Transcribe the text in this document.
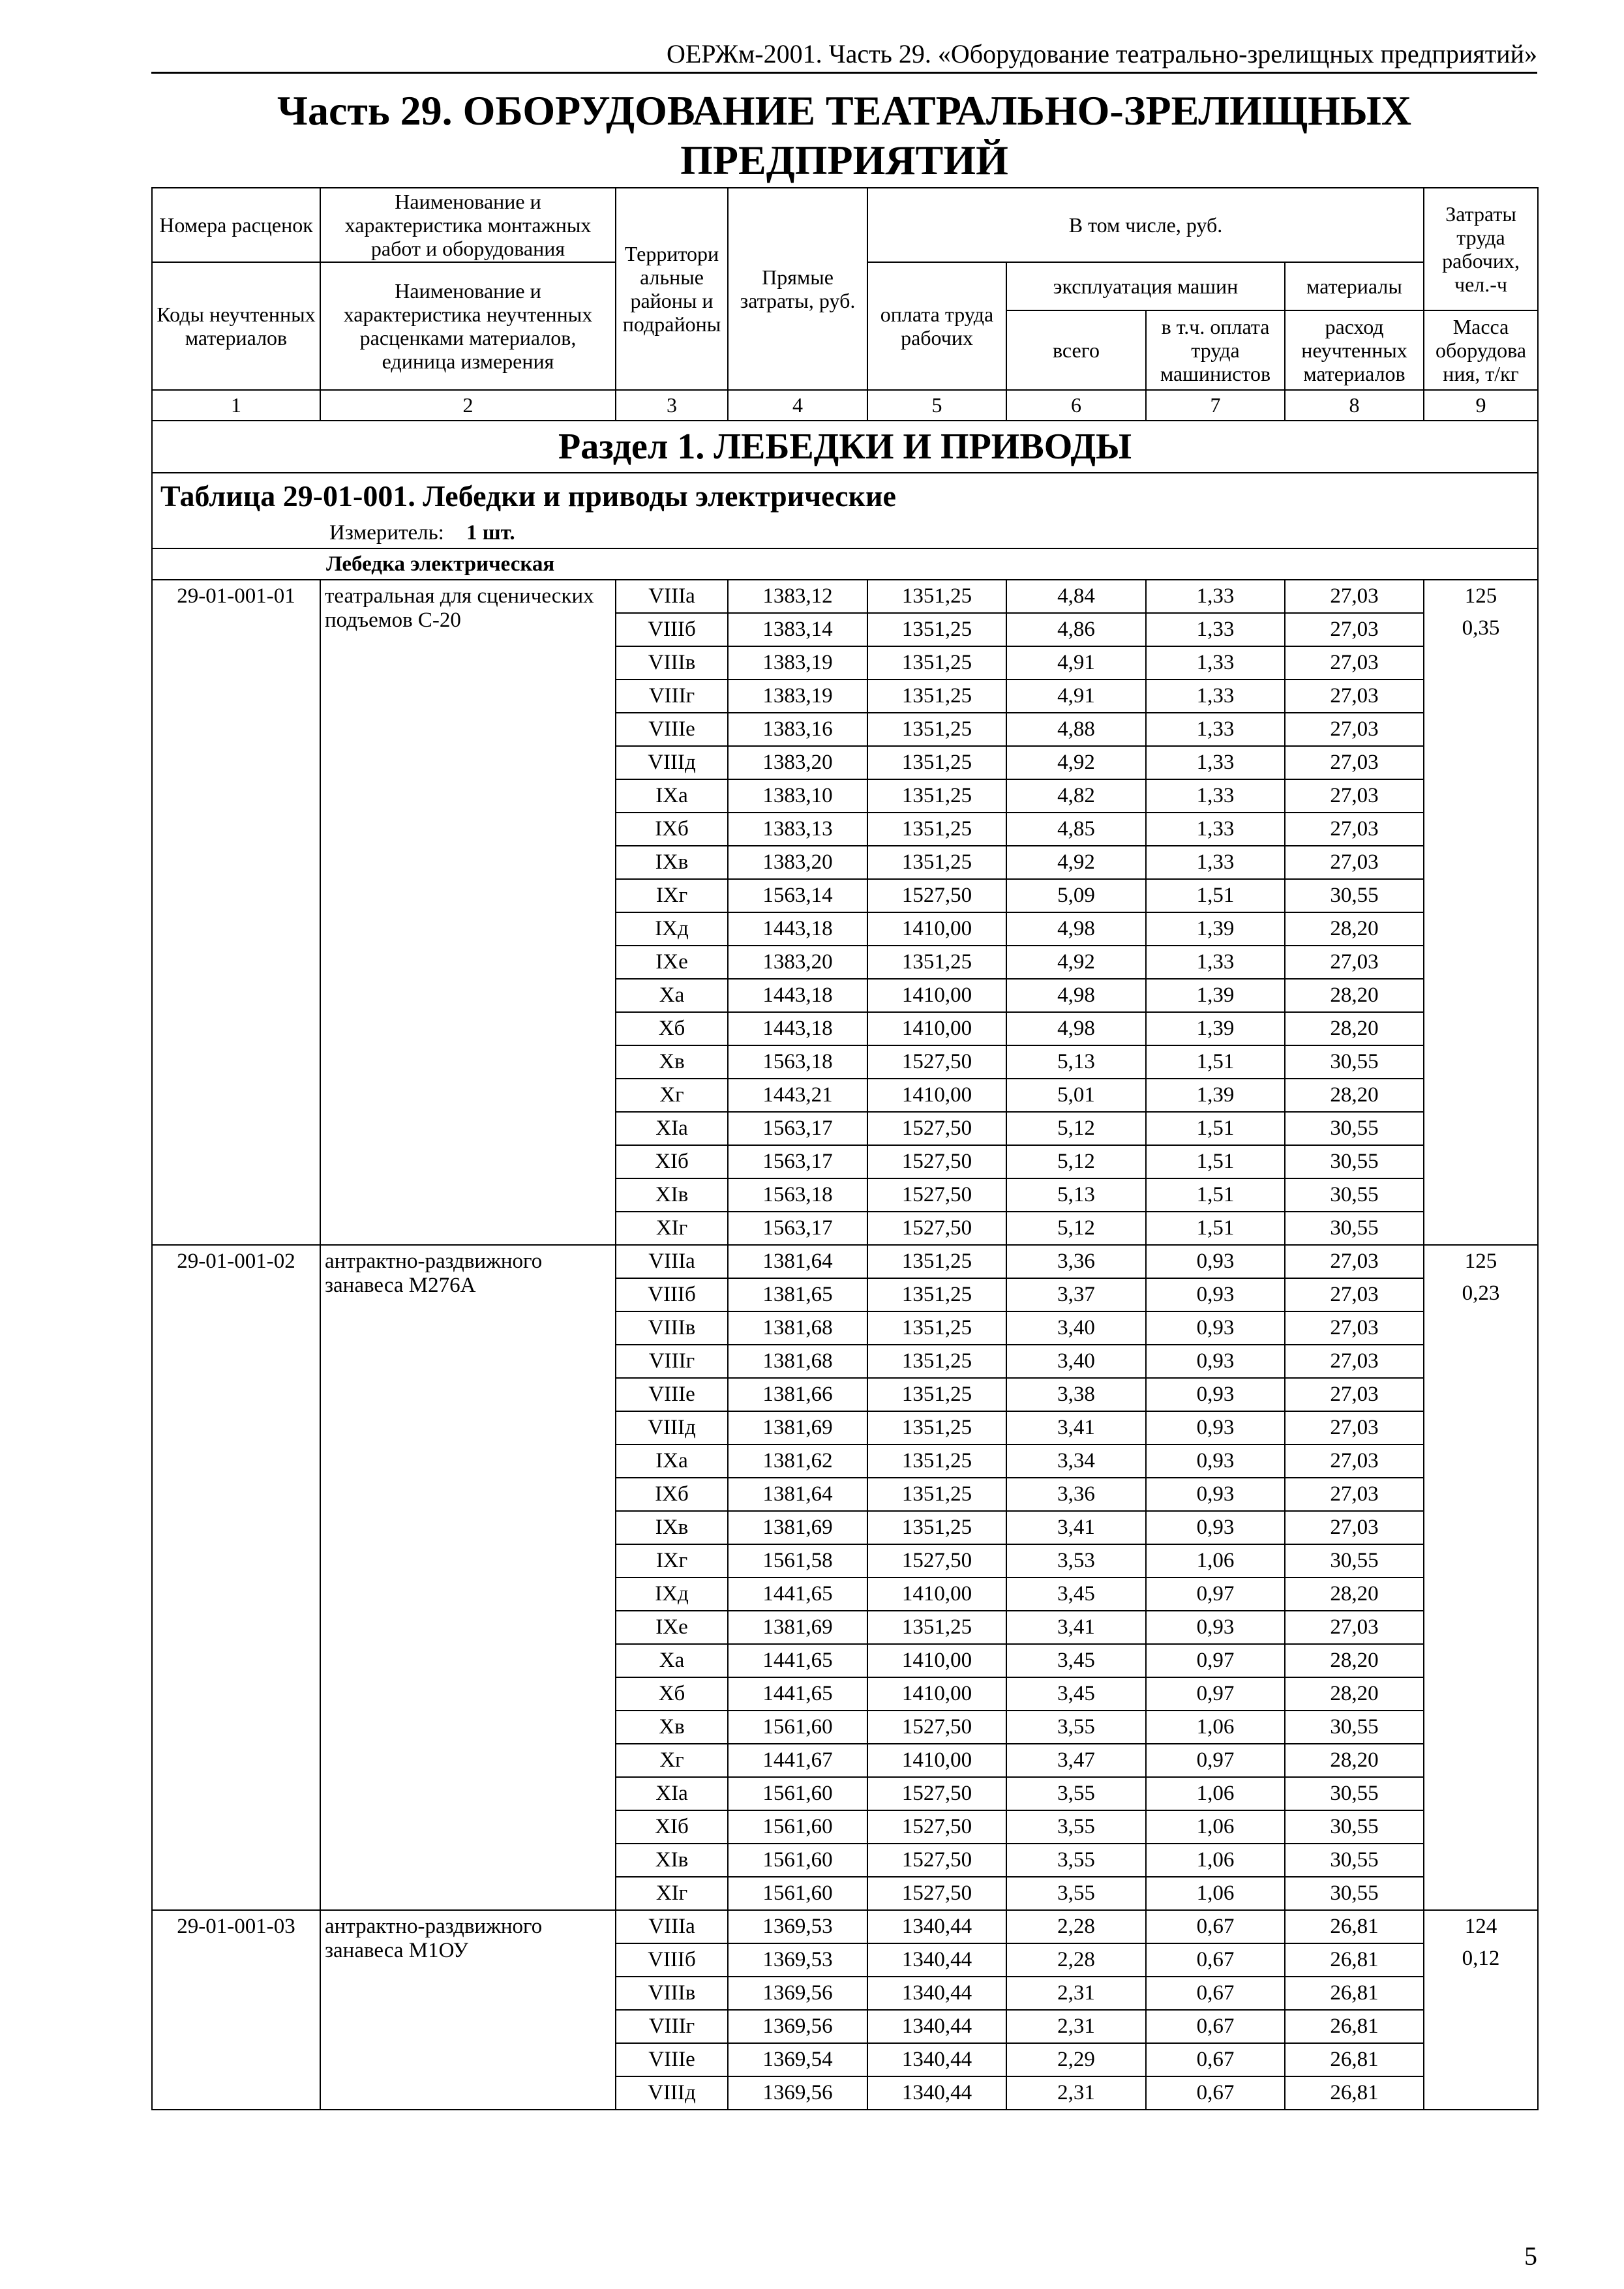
ОЕРЖм-2001. Часть 29. «Оборудование театрально-зрелищных предприятий»
Часть 29. ОБОРУДОВАНИЕ ТЕАТРАЛЬНО-ЗРЕЛИЩНЫХ
ПРЕДПРИЯТИЙ
Номера расценок	Наименование и характеристика монтажных работ и оборудования	Территори альные районы и подрайоны	Прямые затраты, руб.	В том числе, руб.				Затраты труда рабочих, чел.-ч
Коды неучтенных материалов	Наименование и характеристика неучтенных расценками материалов, единица измерения			оплата труда рабочих	эксплуатация машин		материалы	
					всего	в т.ч. оплата труда машинистов	расход неучтенных материалов	Масса оборудова ния, т/кг
1	2	3	4	5	6	7	8	9
Раздел 1. ЛЕБЕДКИ И ПРИВОДЫ								
Таблица 29-01-001. Лебедки и приводы электрические								
Измеритель: 1 шт.								
Лебедка электрическая								
29-01-001-01	театральная для сценических подъемов С-20	VIIIа	1383,12	1351,25	4,84	1,33	27,03	125
0,35

		VIIIб	1383,14	1351,25	4,86	1,33	27,03	
		VIIIв	1383,19	1351,25	4,91	1,33	27,03	
		VIIIг	1383,19	1351,25	4,91	1,33	27,03	
		VIIIе	1383,16	1351,25	4,88	1,33	27,03	
		VIIIд	1383,20	1351,25	4,92	1,33	27,03	
		IXа	1383,10	1351,25	4,82	1,33	27,03	
		IXб	1383,13	1351,25	4,85	1,33	27,03	
		IXв	1383,20	1351,25	4,92	1,33	27,03	
		IXг	1563,14	1527,50	5,09	1,51	30,55	
		IXд	1443,18	1410,00	4,98	1,39	28,20	
		IXе	1383,20	1351,25	4,92	1,33	27,03	
		Xа	1443,18	1410,00	4,98	1,39	28,20	
		Xб	1443,18	1410,00	4,98	1,39	28,20	
		Xв	1563,18	1527,50	5,13	1,51	30,55	
		Xг	1443,21	1410,00	5,01	1,39	28,20	
		XIа	1563,17	1527,50	5,12	1,51	30,55	
		XIб	1563,17	1527,50	5,12	1,51	30,55	
		XIв	1563,18	1527,50	5,13	1,51	30,55	
		XIг	1563,17	1527,50	5,12	1,51	30,55	
29-01-001-02	антрактно-раздвижного занавеса М276А	VIIIа	1381,64	1351,25	3,36	0,93	27,03	125
0,23

		VIIIб	1381,65	1351,25	3,37	0,93	27,03	
		VIIIв	1381,68	1351,25	3,40	0,93	27,03	
		VIIIг	1381,68	1351,25	3,40	0,93	27,03	
		VIIIе	1381,66	1351,25	3,38	0,93	27,03	
		VIIIд	1381,69	1351,25	3,41	0,93	27,03	
		IXа	1381,62	1351,25	3,34	0,93	27,03	
		IXб	1381,64	1351,25	3,36	0,93	27,03	
		IXв	1381,69	1351,25	3,41	0,93	27,03	
		IXг	1561,58	1527,50	3,53	1,06	30,55	
		IXд	1441,65	1410,00	3,45	0,97	28,20	
		IXе	1381,69	1351,25	3,41	0,93	27,03	
		Xа	1441,65	1410,00	3,45	0,97	28,20	
		Xб	1441,65	1410,00	3,45	0,97	28,20	
		Xв	1561,60	1527,50	3,55	1,06	30,55	
		Xг	1441,67	1410,00	3,47	0,97	28,20	
		XIа	1561,60	1527,50	3,55	1,06	30,55	
		XIб	1561,60	1527,50	3,55	1,06	30,55	
		XIв	1561,60	1527,50	3,55	1,06	30,55	
		XIг	1561,60	1527,50	3,55	1,06	30,55	
29-01-001-03	антрактно-раздвижного занавеса М1ОУ	VIIIа	1369,53	1340,44	2,28	0,67	26,81	124
0,12

		VIIIб	1369,53	1340,44	2,28	0,67	26,81	
		VIIIв	1369,56	1340,44	2,31	0,67	26,81	
		VIIIг	1369,56	1340,44	2,31	0,67	26,81	
		VIIIе	1369,54	1340,44	2,29	0,67	26,81	
		VIIIд	1369,56	1340,44	2,31	0,67	26,81	
5
